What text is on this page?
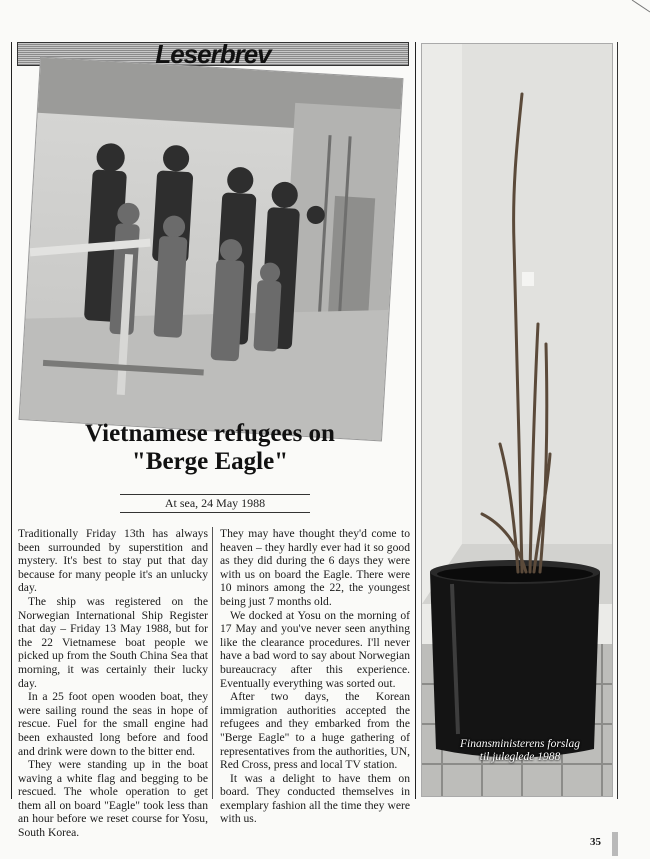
Leserbrev
Vietnamese refugees on
"Berge Eagle"
At sea, 24 May 1988

Traditionally Friday 13th has always been surrounded by superstition and mystery. It's best to stay put that day because for many people it's an unlucky day.

The ship was registered on the Norwegian International Ship Register that day – Friday 13 May 1988, but for the 22 Vietnamese boat people we picked up from the South China Sea that morning, it was certainly their lucky day.

In a 25 foot open wooden boat, they were sailing round the seas in hope of rescue. Fuel for the small engine had been exhausted long before and food and drink were down to the bitter end.

They were standing up in the boat waving a white flag and begging to be rescued. The whole operation to get them all on board "Eagle" took less than an hour before we reset course for Yosu, South Korea.

They may have thought they'd come to heaven – they hardly ever had it so good as they did during the 6 days they were with us on board the Eagle. There were 10 minors among the 22, the youngest being just 7 months old.

We docked at Yosu on the morning of 17 May and you've never seen anything like the clearance procedures. I'll never have a bad word to say about Norwegian bureaucracy after this experience. Eventually everything was sorted out.

After two days, the Korean immigration authorities accepted the refugees and they embarked from the "Berge Eagle" to a huge gathering of representatives from the authorities, UN, Red Cross, press and local TV station.

It was a delight to have them on board. They conducted themselves in exemplary fashion all the time they were with us.

Finansministerens forslag
til juleglede 1988
35
